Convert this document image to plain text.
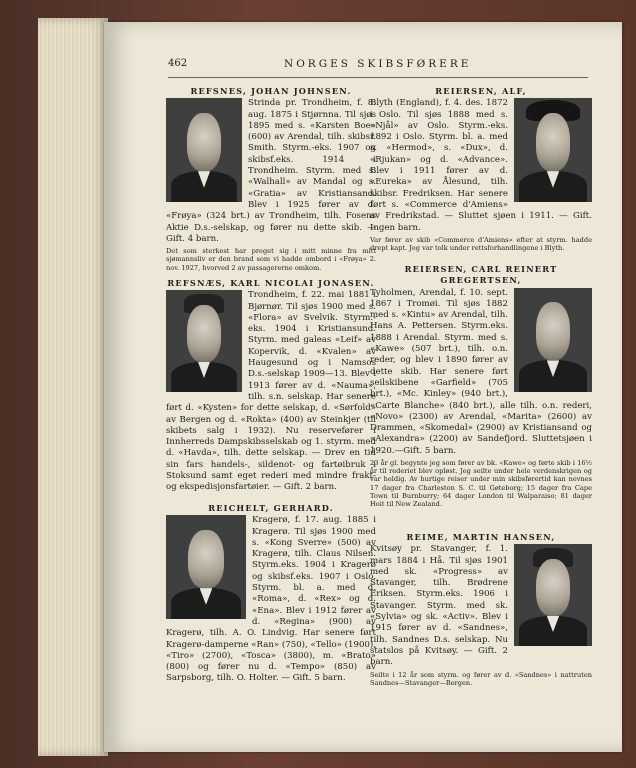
462	NORGES SKIBSFØRERE
REFSNES, JOHAN JOHNSEN.
Strinda pr. Trondheim, f. 8. aug. 1875 i Stjørnna. Til sjøs 1895 med s. «Karsten Boe» (600) av Arendal, tilh. skibsr. Smith. Styrm.-eks. 1907 og skibsf.eks. 1914 i Trondheim. Styrm. med s. «Walhall» av Mandal og s. «Gratia» av Kristiansand. Blev i 1925 fører av d. «Frøya» (324 brt.) av Trondheim, tilh. Fosens Aktie D.s.-selskap, og fører nu dette skib. — Gift. 4 barn.
Det som sterkest har preget sig i mitt minne fra mitt sjømannsliv er den brand som vi hadde ombord i «Frøya» 2. nov. 1927, hvorved 2 av passagererne omkom.
REFSNÆS, KARL NICOLAI JONASEN.
Trondheim, f. 22. mai 1881 i Bjørnør. Til sjøs 1900 med s. «Flora» av Svelvik. Styrm.-eks. 1904 i Kristiansund. Styrm. med galeas «Leif» av Kopervik, d. «Kvalen» av Haugesund og i Namsos D.s.-selskap 1909—13. Blev i 1913 fører av d. «Nauma», tilh. s.n. selskap. Har senere ført d. «Kysten» for dette selskap, d. «Sørfold» av Bergen og d. «Rokta» (400) av Steinkjer (til skibets salg i 1932). Nu reservefører i Innherreds Dampskibsselskab og 1. styrm. med d. «Havda», tilh. dette selskap. — Drev en tid sin fars handels-, sildenot- og fartøibruk i Stoksund samt eget rederi med mindre frakt- og ekspedisjonsfartøier. — Gift. 2 barn.
REICHELT, GERHARD.
Kragerø, f. 17. aug. 1885 i Kragerø. Til sjøs 1900 med s. «Kong Sverre» (500) av Kragerø, tilh. Claus Nilsen. Styrm.eks. 1904 i Kragerø og skibsf.eks. 1907 i Oslo. Styrm. bl. a. med d. «Roma», d. «Rex» og d. «Ena». Blev i 1912 fører av d. «Regina» (900) av Kragerø, tilh. A. O. Lindvig. Har senere ført Kragerø-damperne «Ran» (750), «Tello» (1900), «Tiro» (2700), «Tosca» (3800), m. «Brato» (800) og fører nu d. «Tempo» (850) av Sarpsborg, tilh. O. Holter. — Gift. 5 barn.
REIERSEN, ALF,
Blyth (England), f. 4. des. 1872 i Oslo. Til sjøs 1888 med s. «Njål» av Oslo. Styrm.-eks. 1892 i Oslo. Styrm. bl. a. med s. «Hermod», s. «Dux», d. «Rjukan» og d. «Advance». Blev i 1911 fører av d. «Eureka» av Ålesund, tilh. skibsr. Fredriksen. Har senere ført s. «Commerce d'Amiens» av Fredrikstad. — Sluttet sjøen i 1911. — Gift. Ingen barn.
Var fører av skib «Commerce d'Amiens» efter at styrm. hadde drept kapt. Jeg var tolk under rettsforhandlingene i Blyth.
REIERSEN, CARL REINERT GREGERTSEN,
Tyholmen, Arendal, f. 10. sept. 1867 i Tromøi. Til sjøs 1882 med s. «Kintu» av Arendal, tilh. Hans A. Pettersen. Styrm.eks. 1888 i Arendal. Styrm. med s. «Kawe» (507 brt.), tilh. o.n. reder, og blev i 1890 fører av dette skib. Har senere ført seilskibene «Garfield» (705 brt.), «Mc. Kinley» (940 brt.), «Carte Blanche» (840 brt.), alle tilh. o.n. rederi, «Novo» (2300) av Arendal, «Marita» (2600) av Drammen, «Skomedal» (2900) av Kristiansand og «Alexandra» (2200) av Sandefjord. Sluttetsjøen i 1920.—Gift. 5 barn.
23 år gl. begynte jeg som fører av bk. «Kawe» og førte skib i 16½ år til rederiet blev opløst. Jeg seilte under hele verdenskrigen og var heldig. Av hurtige reiser under min skibsførertid kan nevnes 17 dager fra Charleston S. C. til Gøteborg; 15 dager fra Cape Town til Burnburry; 64 dager London til Walparaiso; 81 dager Hoit til New Zealand.
REIME, MARTIN HANSEN,
Kvitsøy pr. Stavanger, f. 1. mars 1884 i Hå. Til sjøs 1901 med sk. «Progress» av Stavanger, tilh. Brødrene Eriksen. Styrm.eks. 1906 i Stavanger. Styrm. med sk. «Sylvia» og sk. «Activ». Blev i 1915 fører av d. «Sandnes», tilh. Sandnes D.s. selskap. Nu statslos på Kvitsøy. — Gift. 2 barn.
Seilte i 12 år som styrm. og fører av d. «Sandnes» i nattruten Sandnes—Stavanger—Bergen.
